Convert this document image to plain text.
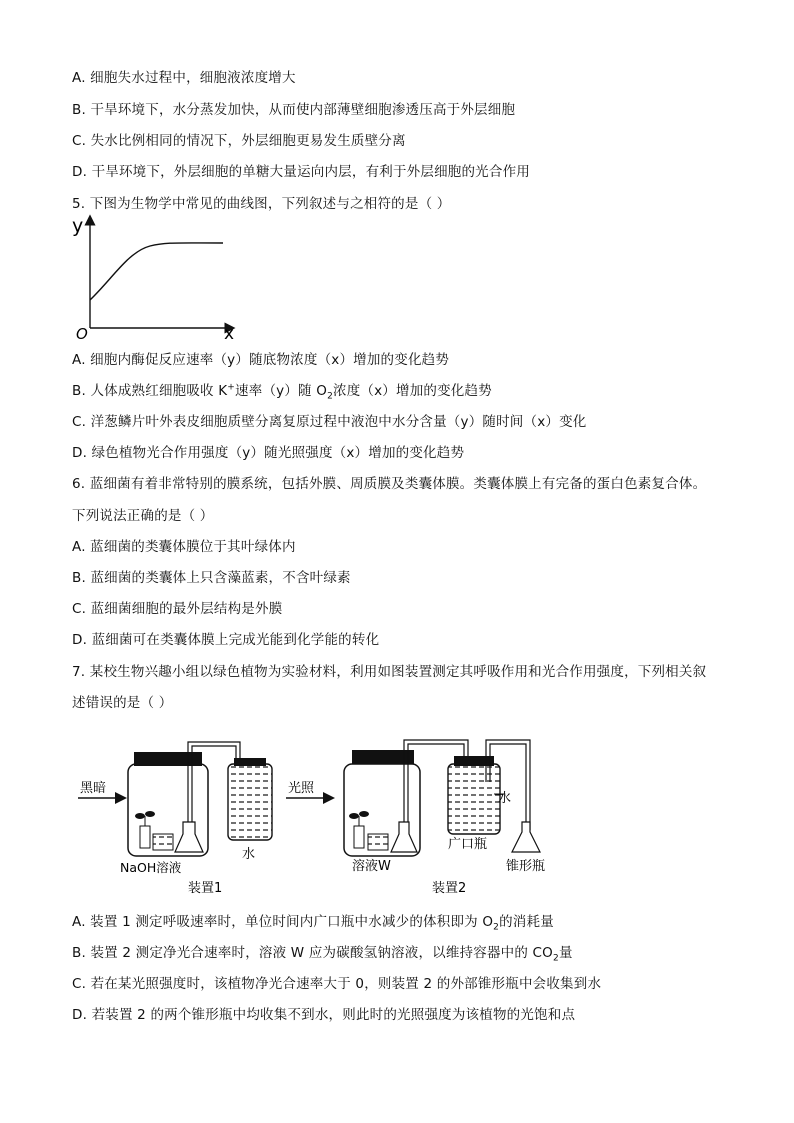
A. 细胞失水过程中，细胞液浓度增大
B. 干旱环境下，水分蒸发加快，从而使内部薄壁细胞渗透压高于外层细胞
C. 失水比例相同的情况下，外层细胞更易发生质壁分离
D. 干旱环境下，外层细胞的单糖大量运向内层，有利于外层细胞的光合作用
5. 下图为生物学中常见的曲线图，下列叙述与之相符的是（ ）
y
x
O
A. 细胞内酶促反应速率（y）随底物浓度（x）增加的变化趋势
B. 人体成熟红细胞吸收 K+速率（y）随 $O_2$浓度（x）增加的变化趋势
C. 洋葱鳞片叶外表皮细胞质壁分离复原过程中液泡中水分含量（y）随时间（x）变化
D. 绿色植物光合作用强度（y）随光照强度（x）增加的变化趋势
6. 蓝细菌有着非常特别的膜系统，包括外膜、周质膜及类囊体膜。类囊体膜上有完备的蛋白色素复合体。
下列说法正确的是（ ）
A. 蓝细菌的类囊体膜位于其叶绿体内
B. 蓝细菌的类囊体上只含藻蓝素，不含叶绿素
C. 蓝细菌细胞的最外层结构是外膜
D. 蓝细菌可在类囊体膜上完成光能到化学能的转化
7. 某校生物兴趣小组以绿色植物为实验材料，利用如图装置测定其呼吸作用和光合作用强度，下列相关叙
述错误的是（ ）
黑暗
NaOH溶液
水
装置1
光照
水
溶液W
广口瓶
锥形瓶
装置2
A. 装置 1 测定呼吸速率时，单位时间内广口瓶中水减少的体积即为 $O_2$的消耗量
B. 装置 2 测定净光合速率时，溶液 W 应为碳酸氢钠溶液，以维持容器中的 $CO_2$量
C. 若在某光照强度时，该植物净光合速率大于 0，则装置 2 的外部锥形瓶中会收集到水
D. 若装置 2 的两个锥形瓶中均收集不到水，则此时的光照强度为该植物的光饱和点
